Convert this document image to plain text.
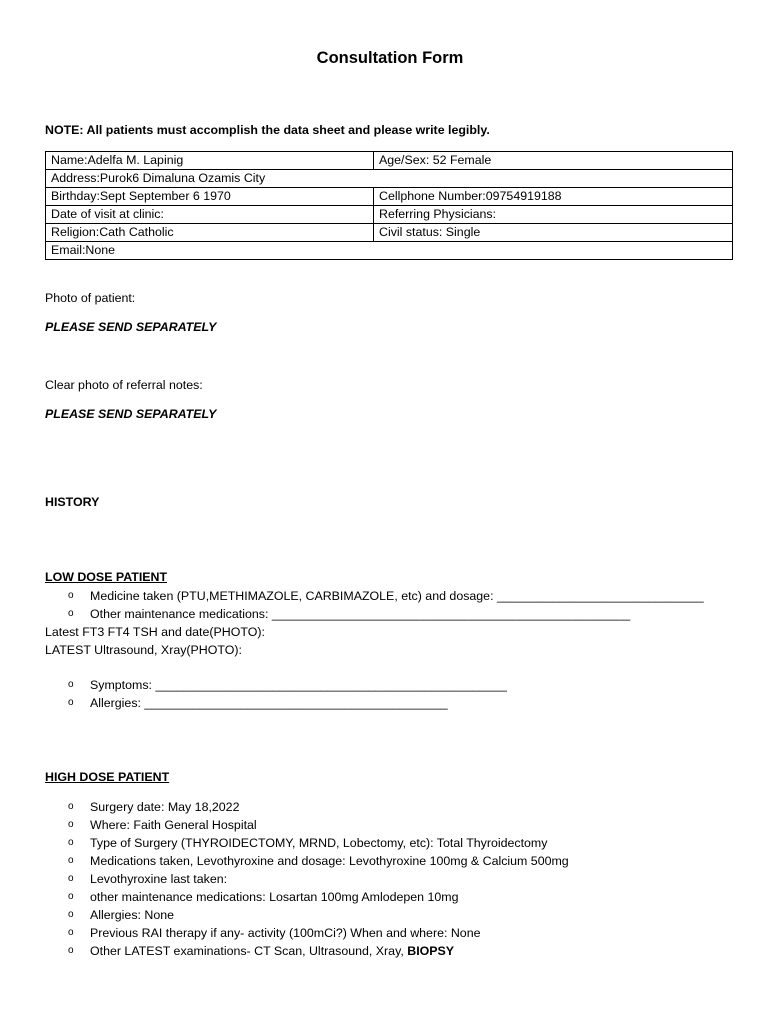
Consultation Form
NOTE: All patients must accomplish the data sheet and please write legibly.
Name:Adelfa M. Lapinig	Age/Sex: 52 Female
Address:Purok6 Dimaluna Ozamis City	
Birthday:Sept September 6 1970	Cellphone Number:09754919188
Date of visit at clinic:	Referring Physicians:
Religion:Cath Catholic	Civil status: Single
Email:None	
Photo of patient:
PLEASE SEND SEPARATELY
Clear photo of referral notes:
PLEASE SEND SEPARATELY
HISTORY
LOW DOSE PATIENT
o Medicine taken (PTU,METHIMAZOLE, CARBIMAZOLE, etc) and dosage: ______________________________
o Other maintenance medications: ____________________________________________________
Latest FT3 FT4 TSH and date(PHOTO):
LATEST Ultrasound, Xray(PHOTO):
o Symptoms: ___________________________________________________
o Allergies: ____________________________________________
HIGH DOSE PATIENT
o Surgery date: May 18,2022
o Where: Faith General Hospital
o Type of Surgery (THYROIDECTOMY, MRND, Lobectomy, etc): Total Thyroidectomy
o Medications taken, Levothyroxine and dosage: Levothyroxine 100mg & Calcium 500mg
o Levothyroxine last taken:
o other maintenance medications: Losartan 100mg Amlodepen 10mg
o Allergies: None
o Previous RAI therapy if any- activity (100mCi?) When and where: None
o Other LATEST examinations- CT Scan, Ultrasound, Xray, BIOPSY
